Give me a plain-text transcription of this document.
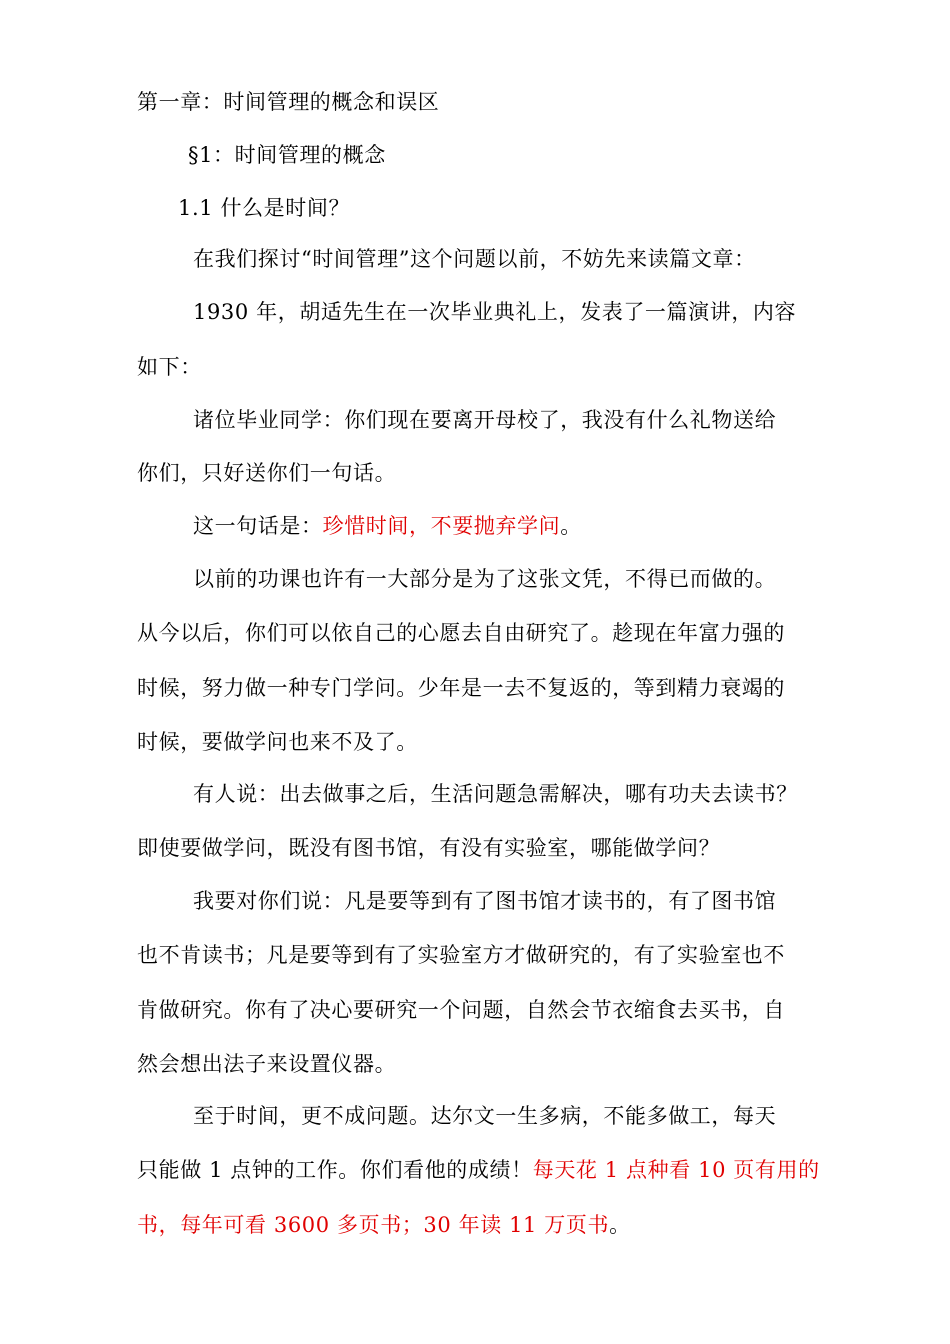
第一章：时间管理的概念和误区
§1：时间管理的概念
1.1 什么是时间？
在我们探讨“时间管理”这个问题以前，不妨先来读篇文章：
1930 年，胡适先生在一次毕业典礼上，发表了一篇演讲，内容
如下：
诸位毕业同学：你们现在要离开母校了，我没有什么礼物送给
你们，只好送你们一句话。
这一句话是：珍惜时间，不要抛弃学问。
以前的功课也许有一大部分是为了这张文凭，不得已而做的。
从今以后，你们可以依自己的心愿去自由研究了。趁现在年富力强的
时候，努力做一种专门学问。少年是一去不复返的，等到精力衰竭的
时候，要做学问也来不及了。
有人说：出去做事之后，生活问题急需解决，哪有功夫去读书？
即使要做学问，既没有图书馆，有没有实验室，哪能做学问？
我要对你们说：凡是要等到有了图书馆才读书的，有了图书馆
也不肯读书；凡是要等到有了实验室方才做研究的，有了实验室也不
肯做研究。你有了决心要研究一个问题，自然会节衣缩食去买书，自
然会想出法子来设置仪器。
至于时间，更不成问题。达尔文一生多病，不能多做工，每天
只能做 1 点钟的工作。你们看他的成绩！每天花 1 点种看 10 页有用的
书，每年可看 3600 多页书；30 年读 11 万页书。
